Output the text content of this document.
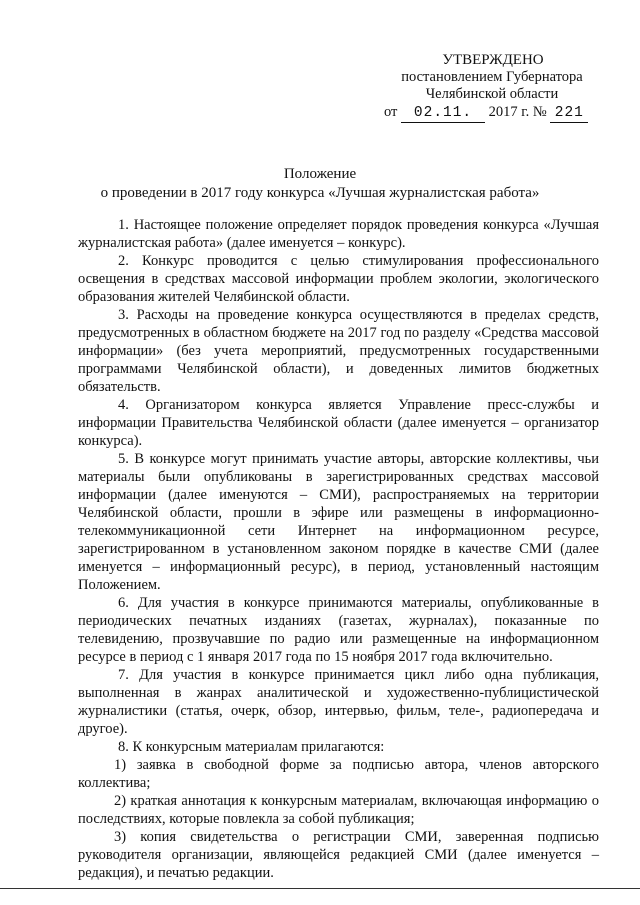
УТВЕРЖДЕНО
постановлением Губернатора
Челябинской области
от 02.11. 2017 г. № 221
Положение
о проведении в 2017 году конкурса «Лучшая журналистская работа»

1. Настоящее положение определяет порядок проведения конкурса «Лучшая журналистская работа» (далее именуется – конкурс).

2. Конкурс проводится с целью стимулирования профессионального освещения в средствах массовой информации проблем экологии, экологического образования жителей Челябинской области.

3. Расходы на проведение конкурса осуществляются в пределах средств, предусмотренных в областном бюджете на 2017 год по разделу «Средства массовой информации» (без учета мероприятий, предусмотренных государственными программами Челябинской области), и доведенных лимитов бюджетных обязательств.

4. Организатором конкурса является Управление пресс-службы и информации Правительства Челябинской области (далее именуется – организатор конкурса).

5. В конкурсе могут принимать участие авторы, авторские коллективы, чьи материалы были опубликованы в зарегистрированных средствах массовой информации (далее именуются – СМИ), распространяемых на территории Челябинской области, прошли в эфире или размещены в информационно-телекоммуникационной сети Интернет на информационном ресурсе, зарегистрированном в установленном законом порядке в качестве СМИ (далее именуется – информационный ресурс), в период, установленный настоящим Положением.

6. Для участия в конкурсе принимаются материалы, опубликованные в периодических печатных изданиях (газетах, журналах), показанные по телевидению, прозвучавшие по радио или размещенные на информационном ресурсе в период с 1 января 2017 года по 15 ноября 2017 года включительно.

7. Для участия в конкурсе принимается цикл либо одна публикация, выполненная в жанрах аналитической и художественно-публицистической журналистики (статья, очерк, обзор, интервью, фильм, теле-, радиопередача и другое).

8. К конкурсным материалам прилагаются:

1) заявка в свободной форме за подписью автора, членов авторского коллектива;

2) краткая аннотация к конкурсным материалам, включающая информацию о последствиях, которые повлекла за собой публикация;

3) копия свидетельства о регистрации СМИ, заверенная подписью руководителя организации, являющейся редакцией СМИ (далее именуется – редакция), и печатью редакции.
